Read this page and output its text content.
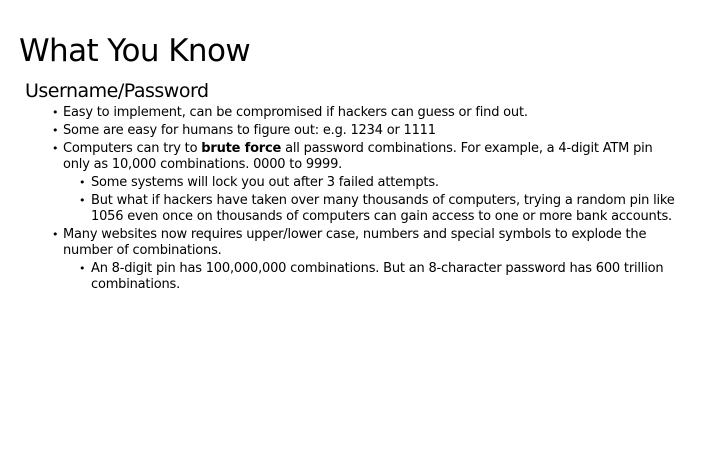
What You Know
Username/Password
• Easy to implement, can be compromised if hackers can guess or find out.
• Some are easy for humans to figure out: e.g. 1234 or 1111
• Computers can try to brute force all password combinations. For example, a 4-digit ATM pin only as 10,000 combinations. 0000 to 9999.
• Some systems will lock you out after 3 failed attempts.
• But what if hackers have taken over many thousands of computers, trying a random pin like 1056 even once on thousands of computers can gain access to one or more bank accounts.
• Many websites now requires upper/lower case, numbers and special symbols to explode the number of combinations.
• An 8-digit pin has 100,000,000 combinations. But an 8-character password has 600 trillion combinations.
